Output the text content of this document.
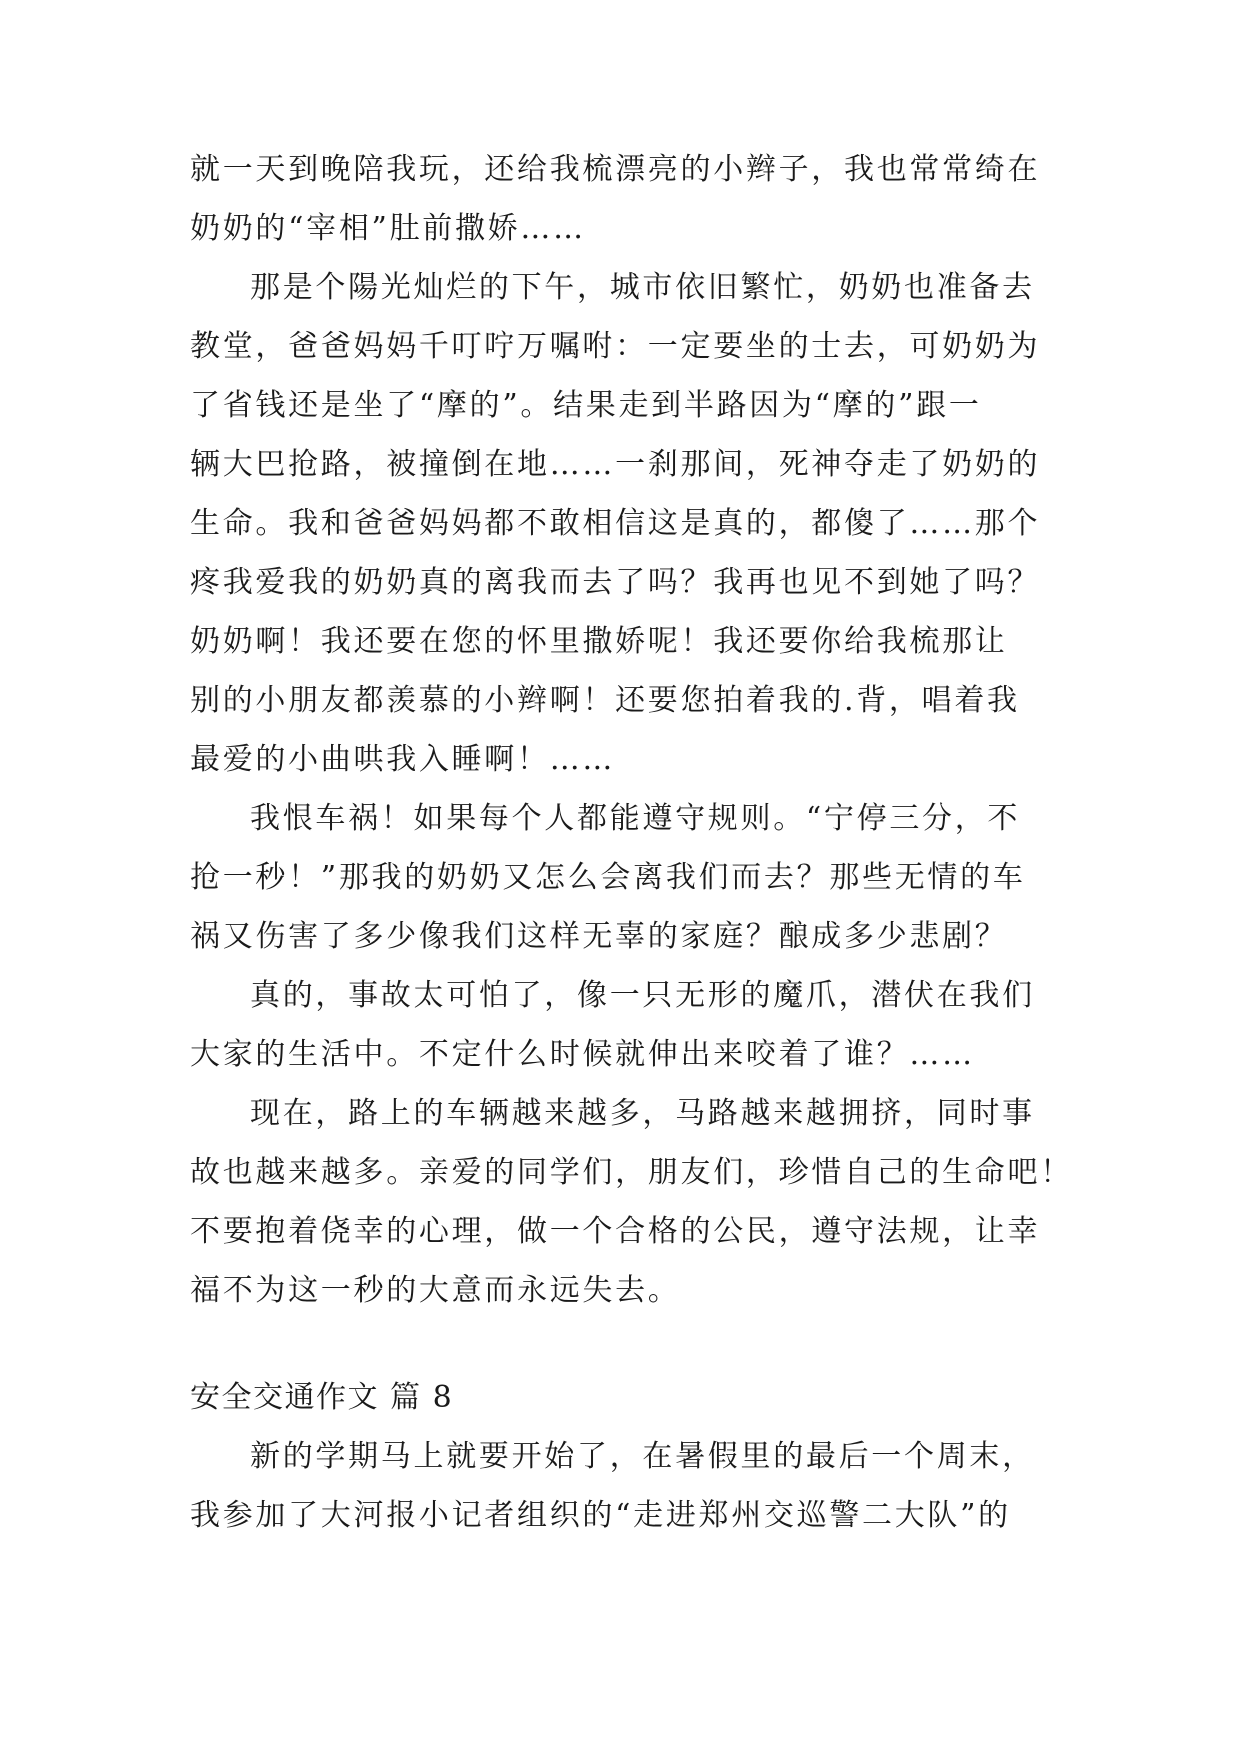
就一天到晚陪我玩，还给我梳漂亮的小辫子，我也常常绮在
奶奶的“宰相”肚前撒娇……
那是个陽光灿烂的下午，城市依旧繁忙，奶奶也准备去
教堂，爸爸妈妈千叮咛万嘱咐：一定要坐的士去，可奶奶为
了省钱还是坐了“摩的”。结果走到半路因为“摩的”跟一
辆大巴抢路，被撞倒在地……一刹那间，死神夺走了奶奶的
生命。我和爸爸妈妈都不敢相信这是真的，都傻了……那个
疼我爱我的奶奶真的离我而去了吗？我再也见不到她了吗？
奶奶啊！我还要在您的怀里撒娇呢！我还要你给我梳那让
别的小朋友都羡慕的小辫啊！还要您拍着我的.背，唱着我
最爱的小曲哄我入睡啊！……
我恨车祸！如果每个人都能遵守规则。“宁停三分，不
抢一秒！”那我的奶奶又怎么会离我们而去？那些无情的车
祸又伤害了多少像我们这样无辜的家庭？酿成多少悲剧？
真的，事故太可怕了，像一只无形的魔爪，潜伏在我们
大家的生活中。不定什么时候就伸出来咬着了谁？……
现在，路上的车辆越来越多，马路越来越拥挤，同时事
故也越来越多。亲爱的同学们，朋友们，珍惜自己的生命吧！
不要抱着侥幸的心理，做一个合格的公民，遵守法规，让幸
福不为这一秒的大意而永远失去。
安全交通作文 篇 8
新的学期马上就要开始了，在暑假里的最后一个周末，
我参加了大河报小记者组织的“走进郑州交巡警二大队”的
